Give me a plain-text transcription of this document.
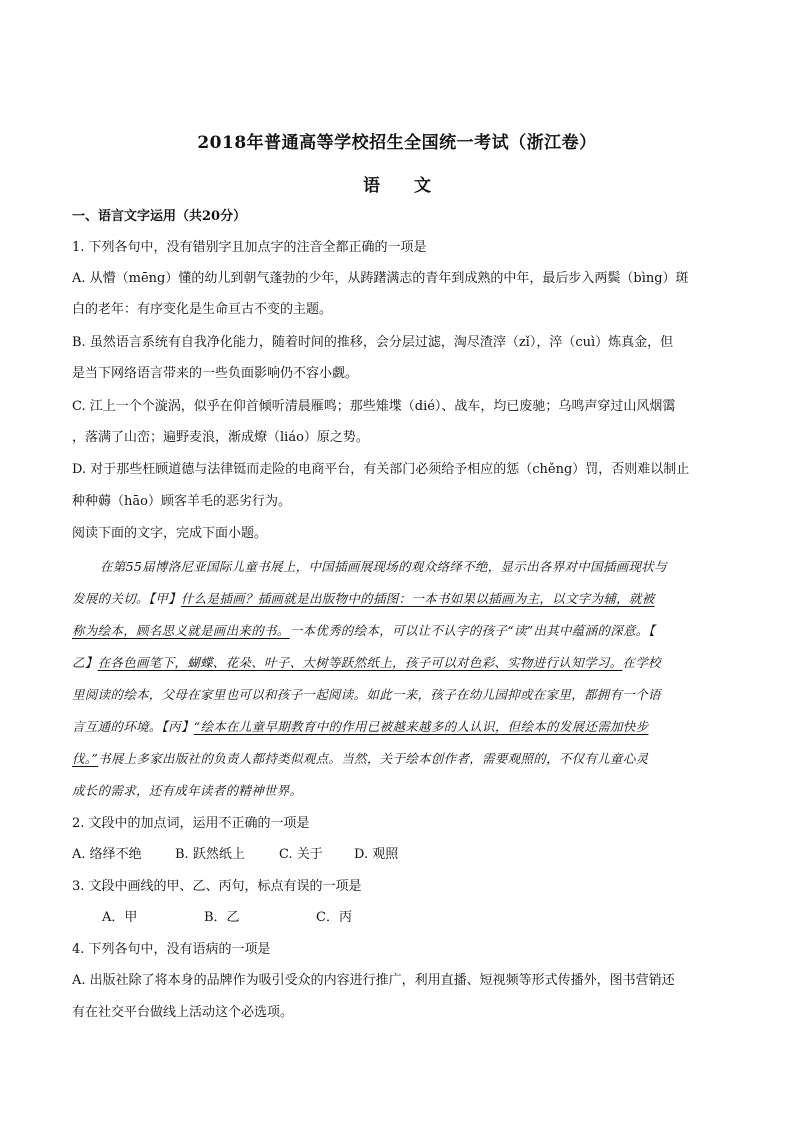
2018年普通高等学校招生全国统一考试（浙江卷）
语 文
一、语言文字运用（共20分）
1. 下列各句中，没有错别字且加点字的注音全都正确的一项是
A. 从懵（mēng）懂的幼儿到朝气蓬勃的少年，从踌躇满志的青年到成熟的中年，最后步入两鬓（bìng）斑
白的老年：有序变化是生命亘古不变的主题。
B. 虽然语言系统有自我净化能力，随着时间的推移，会分层过滤，淘尽渣滓（zǐ），淬（cuì）炼真金，但
是当下网络语言带来的一些负面影响仍不容小觑。
C. 江上一个个漩涡，似乎在仰首倾听清晨雁鸣；那些雉堞（dié）、战车，均已废驰；乌鸣声穿过山风烟霭
，落满了山峦；遍野麦浪，渐成燎（liáo）原之势。
D. 对于那些枉顾道德与法律铤而走险的电商平台，有关部门必须给予相应的惩（chěng）罚，否则难以制止
种种薅（hāo）顾客羊毛的恶劣行为。
阅读下面的文字，完成下面小题。
在第55届博洛尼亚国际儿童书展上，中国插画展现场的观众络绎不绝，显示出各界对中国插画现状与
发展的关切。【甲】什么是插画？插画就是出版物中的插图：一本书如果以插画为主，以文字为辅，就被
称为绘本，顾名思义就是画出来的书。一本优秀的绘本，可以让不认字的孩子“读”出其中蕴涵的深意。【
乙】在各色画笔下，蝴蝶、花朵、叶子、大树等跃然纸上，孩子可以对色彩、实物进行认知学习。在学校
里阅读的绘本，父母在家里也可以和孩子一起阅读。如此一来，孩子在幼儿园抑或在家里，都拥有一个语
言互通的环境。【丙】“绘本在儿童早期教育中的作用已被越来越多的人认识，但绘本的发展还需加快步
伐。”书展上多家出版社的负责人都持类似观点。当然，关于绘本创作者，需要观照的，不仅有儿童心灵
成长的需求，还有成年读者的精神世界。
2. 文段中的加点词，运用不正确的一项是
A. 络绎不绝	B. 跃然纸上	C. 关于 D. 观照
3. 文段中画线的甲、乙、丙句，标点有误的一项是
A．甲	B．乙	C．丙
4. 下列各句中，没有语病的一项是
A. 出版社除了将本身的品牌作为吸引受众的内容进行推广，利用直播、短视频等形式传播外，图书营销还
有在社交平台做线上活动这个必选项。
